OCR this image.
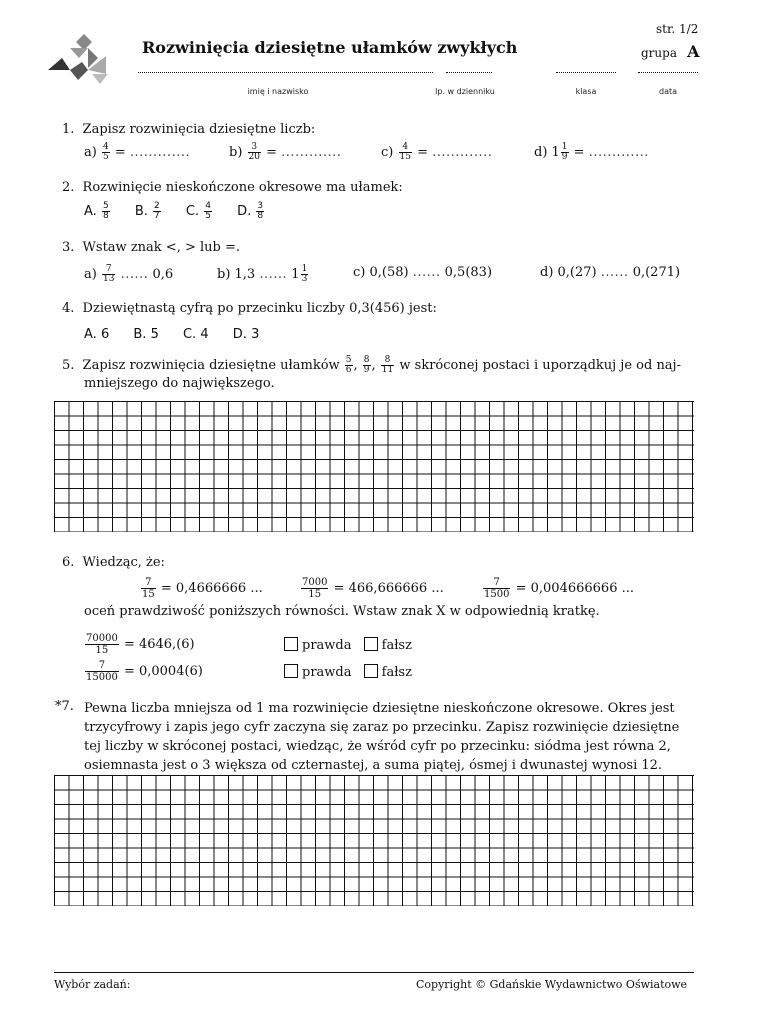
Rozwinięcia dziesiętne ułamków zwykłych
str. 1/2
grupa A
imię i nazwisko	lp. w dzienniku	klasa	data
1. Zapisz rozwinięcia dziesiętne liczb:
$a) \frac{4}{5}$ = .............	$b) \frac{3}{20}$ = .............	$c) \frac{4}{15}$ = .............	d) $1 \frac{1}{9}$ = .............
2. Rozwinięcie nieskończone okresowe ma ułamek:
A. $\frac{5}{8} B$. $\frac{2}{7} C$. $\frac{4}{5} D$. $\frac{3}{8}$
3. Wstaw znak <, > lub =.
$a) \frac{7}{13}$ ...... 0,6	b) 1,3 ...... $1 \frac{1}{3}$	c) 0,(58) ...... 0,5(83)	d) 0,(27) ...... 0,(271)
4. Dziewiętnastą cyfrą po przecinku liczby 0,3(456) jest:
A. 6 B. 5 C. 4 D. 3
5. Zapisz rozwinięcia dziesiętne ułamków $\frac{5}{6}$ , $\frac{8}{9}$ , $\frac{8}{11}$ w skróconej postaci i uporządkuj je od naj-
mniejszego do największego.
6. Wiedząc, że:
$\frac{7}{15} = 0,4666666$ ...	$\frac{7000}{15} = 466,666666$ ...	$\frac{7}{1500} = 0,004666666$ ...
oceń prawdziwość poniższych równości. Wstaw znak X w odpowiednią kratkę.
$\frac{70000}{15} = 4646,(6)$	prawda fałsz
$\frac{7}{15000} = 0,0004(6)$	prawda fałsz
*7. Pewna liczba mniejsza od 1 ma rozwinięcie dziesiętne nieskończone okresowe. Okres jest
trzycyfrowy i zapis jego cyfr zaczyna się zaraz po przecinku. Zapisz rozwinięcie dziesiętne
tej liczby w skróconej postaci, wiedząc, że wśród cyfr po przecinku: siódma jest równa 2,
osiemnasta jest o 3 większa od czternastej, a suma piątej, ósmej i dwunastej wynosi 12.
Wybór zadań:	Copyright © Gdańskie Wydawnictwo Oświatowe
